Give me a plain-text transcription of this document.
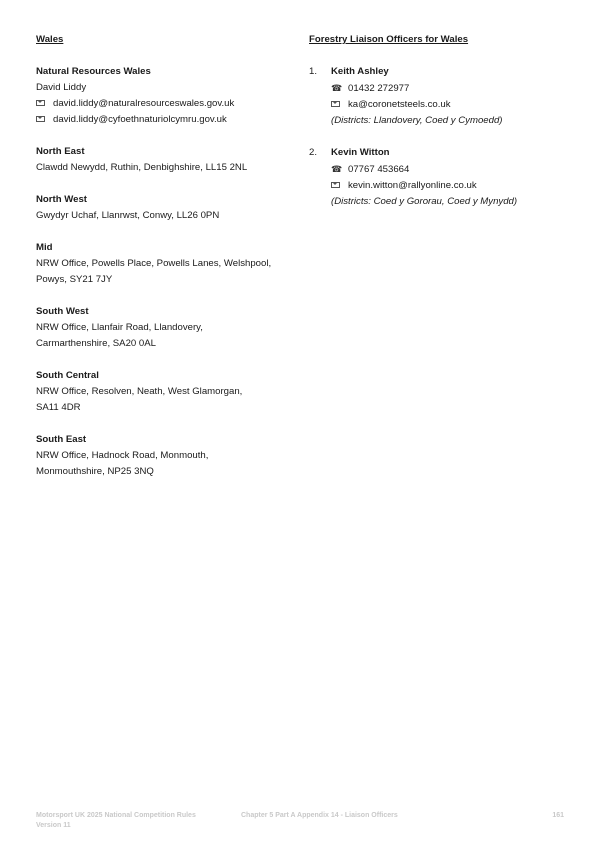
Wales
Natural Resources Wales
David Liddy
david.liddy@naturalresourceswales.gov.uk
david.liddy@cyfoethnaturiolcymru.gov.uk
North East
Clawdd Newydd, Ruthin, Denbighshire, LL15 2NL
North West
Gwydyr Uchaf, Llanrwst, Conwy, LL26 0PN
Mid
NRW Office, Powells Place, Powells Lanes, Welshpool,
Powys, SY21 7JY
South West
NRW Office, Llanfair Road, Llandovery,
Carmarthenshire, SA20 0AL
South Central
NRW Office, Resolven, Neath, West Glamorgan,
SA11 4DR
South East
NRW Office, Hadnock Road, Monmouth,
Monmouthshire, NP25 3NQ
Forestry Liaison Officers for Wales
1. Keith Ashley
☎ 01432 272977
ka@coronetsteels.co.uk
(Districts: Llandovery, Coed y Cymoedd)
2. Kevin Witton
☎ 07767 453664
kevin.witton@rallyonline.co.uk
(Districts: Coed y Gororau, Coed y Mynydd)
Motorsport UK 2025 National Competition Rules	Chapter 5 Part A Appendix 14 - Liaison Officers	161
Version 11
